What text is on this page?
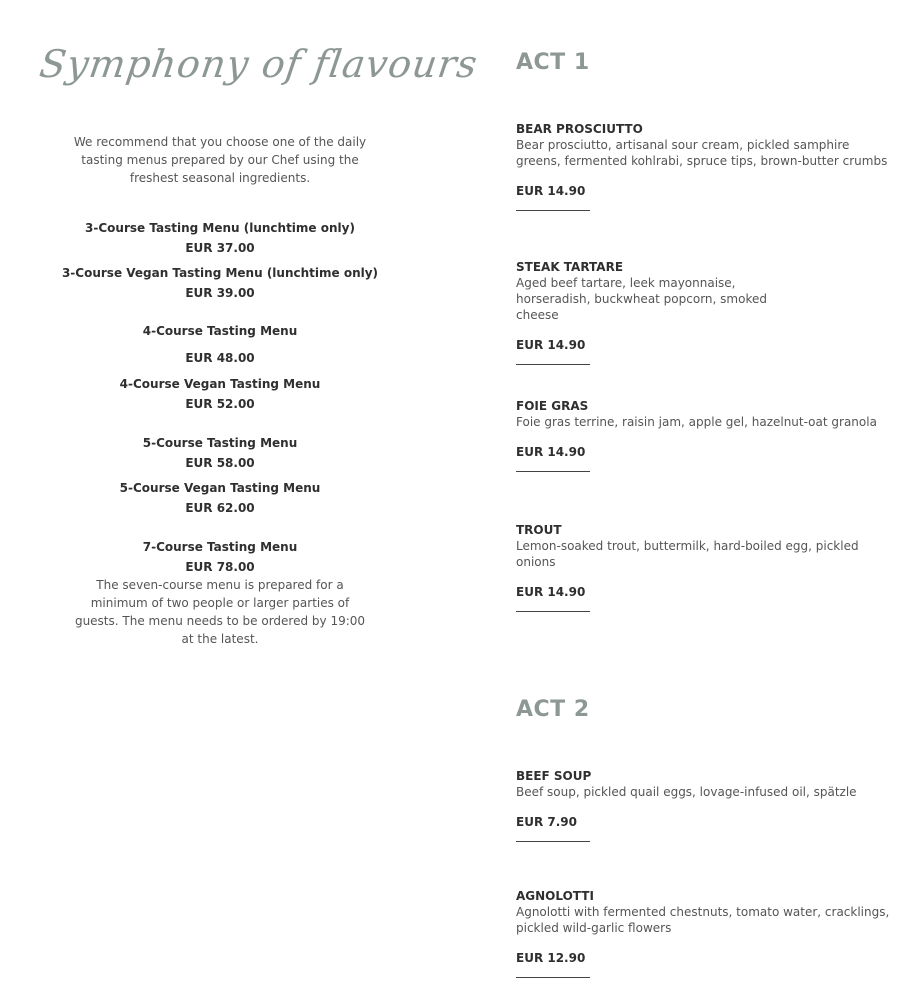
Symphony of flavours
We recommend that you choose one of the daily tasting menus prepared by our Chef using the freshest seasonal ingredients.
3-Course Tasting Menu (lunchtime only)
EUR 37.00
3-Course Vegan Tasting Menu (lunchtime only)
EUR 39.00
4-Course Tasting Menu
EUR 48.00
4-Course Vegan Tasting Menu
EUR 52.00
5-Course Tasting Menu
EUR 58.00
5-Course Vegan Tasting Menu
EUR 62.00
7-Course Tasting Menu
EUR 78.00
The seven-course menu is prepared for a minimum of two people or larger parties of guests. The menu needs to be ordered by 19:00 at the latest.
ACT 1
BEAR PROSCIUTTO
Bear prosciutto, artisanal sour cream, pickled samphire greens, fermented kohlrabi, spruce tips, brown-butter crumbs
EUR 14.90
STEAK TARTARE
Aged beef tartare, leek mayonnaise, horseradish, buckwheat popcorn, smoked cheese
EUR 14.90
FOIE GRAS
Foie gras terrine, raisin jam, apple gel, hazelnut-oat granola
EUR 14.90
TROUT
Lemon-soaked trout, buttermilk, hard-boiled egg, pickled onions
EUR 14.90
ACT 2
BEEF SOUP
Beef soup, pickled quail eggs, lovage-infused oil, spätzle
EUR 7.90
AGNOLOTTI
Agnolotti with fermented chestnuts, tomato water, cracklings, pickled wild-garlic flowers
EUR 12.90
